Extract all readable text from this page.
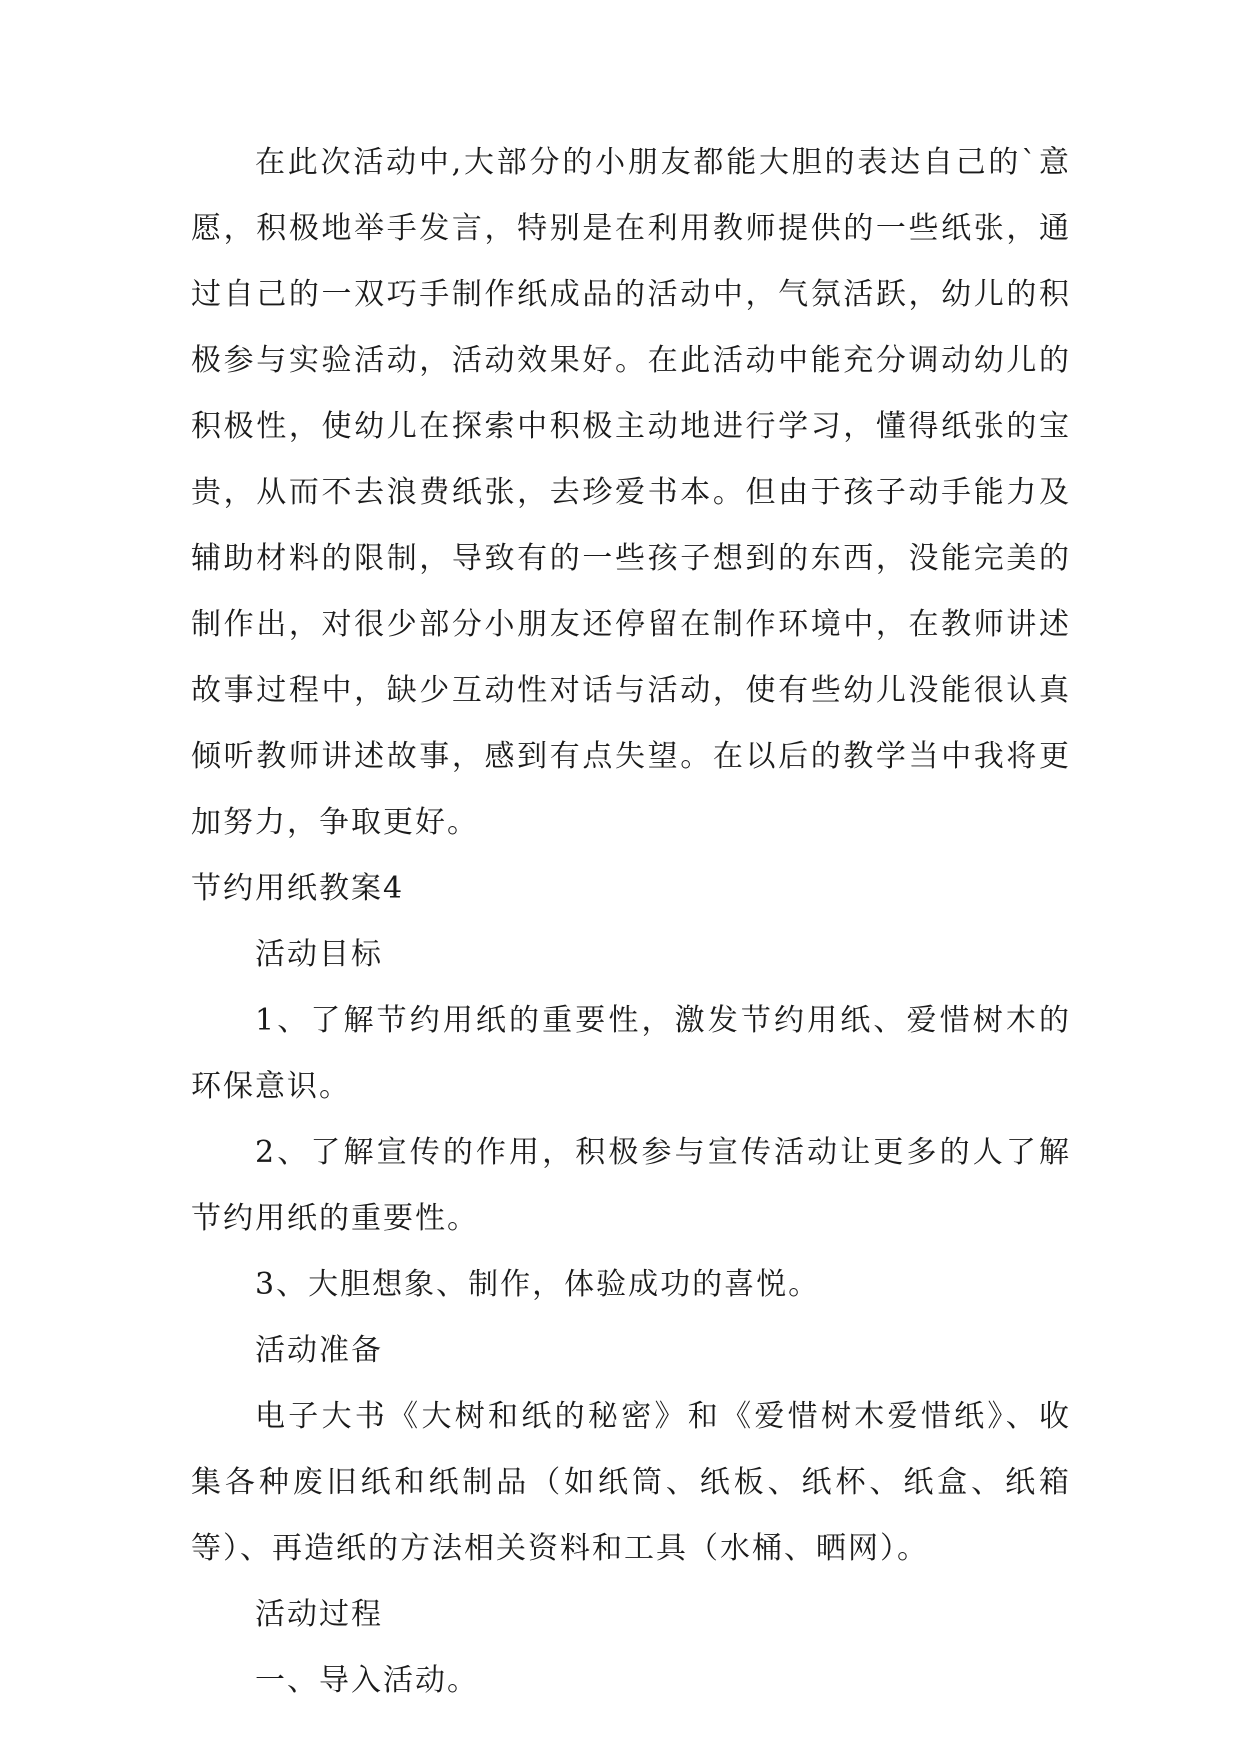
在此次活动中,大部分的小朋友都能大胆的表达自己的`意愿，积极地举手发言，特别是在利用教师提供的一些纸张，通过自己的一双巧手制作纸成品的活动中，气氛活跃，幼儿的积极参与实验活动，活动效果好。在此活动中能充分调动幼儿的积极性，使幼儿在探索中积极主动地进行学习，懂得纸张的宝贵，从而不去浪费纸张，去珍爱书本。但由于孩子动手能力及辅助材料的限制，导致有的一些孩子想到的东西，没能完美的制作出，对很少部分小朋友还停留在制作环境中，在教师讲述故事过程中，缺少互动性对话与活动，使有些幼儿没能很认真倾听教师讲述故事，感到有点失望。在以后的教学当中我将更加努力，争取更好。

节约用纸教案4

活动目标

1、了解节约用纸的重要性，激发节约用纸、爱惜树木的环保意识。

2、了解宣传的作用，积极参与宣传活动让更多的人了解节约用纸的重要性。

3、大胆想象、制作，体验成功的喜悦。

活动准备

电子大书《大树和纸的秘密》和《爱惜树木爱惜纸》、收集各种废旧纸和纸制品（如纸筒、纸板、纸杯、纸盒、纸箱等）、再造纸的方法相关资料和工具（水桶、晒网）。

活动过程

一、导入活动。
